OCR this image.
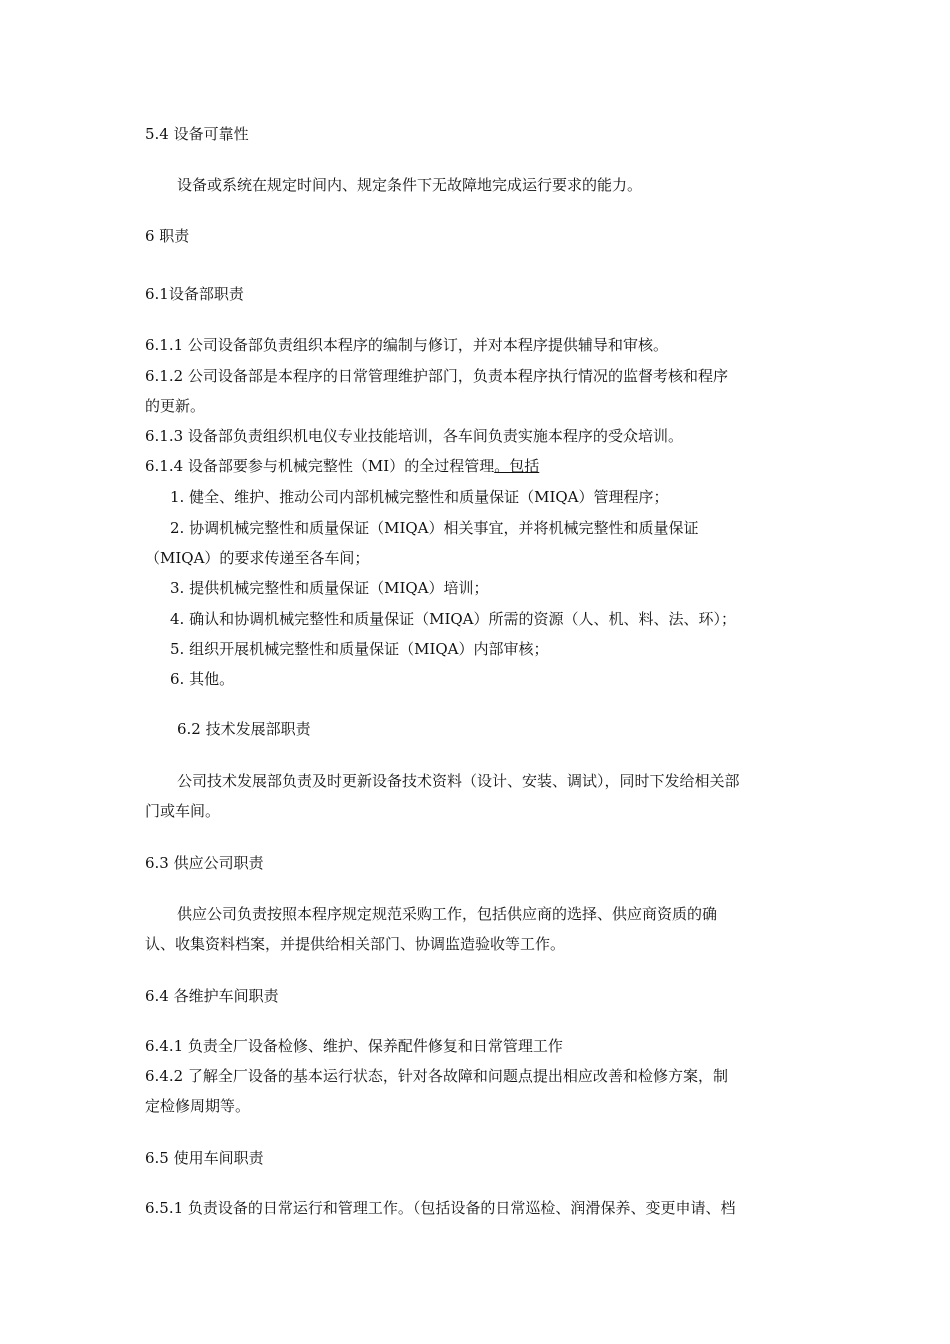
5.4 设备可靠性
设备或系统在规定时间内、规定条件下无故障地完成运行要求的能力。
6 职责
6.1设备部职责
6.1.1 公司设备部负责组织本程序的编制与修订，并对本程序提供辅导和审核。
6.1.2 公司设备部是本程序的日常管理维护部门，负责本程序执行情况的监督考核和程序
的更新。
6.1.3 设备部负责组织机电仪专业技能培训，各车间负责实施本程序的受众培训。
6.1.4 设备部要参与机械完整性（MI）的全过程管理。包括
1. 健全、维护、推动公司内部机械完整性和质量保证（MIQA）管理程序；
2. 协调机械完整性和质量保证（MIQA）相关事宜，并将机械完整性和质量保证
（MIQA）的要求传递至各车间；
3. 提供机械完整性和质量保证（MIQA）培训；
4. 确认和协调机械完整性和质量保证（MIQA）所需的资源（人、机、料、法、环）；
5. 组织开展机械完整性和质量保证（MIQA）内部审核；
6. 其他。
6.2 技术发展部职责
公司技术发展部负责及时更新设备技术资料（设计、安装、调试），同时下发给相关部
门或车间。
6.3 供应公司职责
供应公司负责按照本程序规定规范采购工作，包括供应商的选择、供应商资质的确
认、收集资料档案，并提供给相关部门、协调监造验收等工作。
6.4 各维护车间职责
6.4.1 负责全厂设备检修、维护、保养配件修复和日常管理工作
6.4.2 了解全厂设备的基本运行状态，针对各故障和问题点提出相应改善和检修方案，制
定检修周期等。
6.5 使用车间职责
6.5.1 负责设备的日常运行和管理工作。（包括设备的日常巡检、润滑保养、变更申请、档
